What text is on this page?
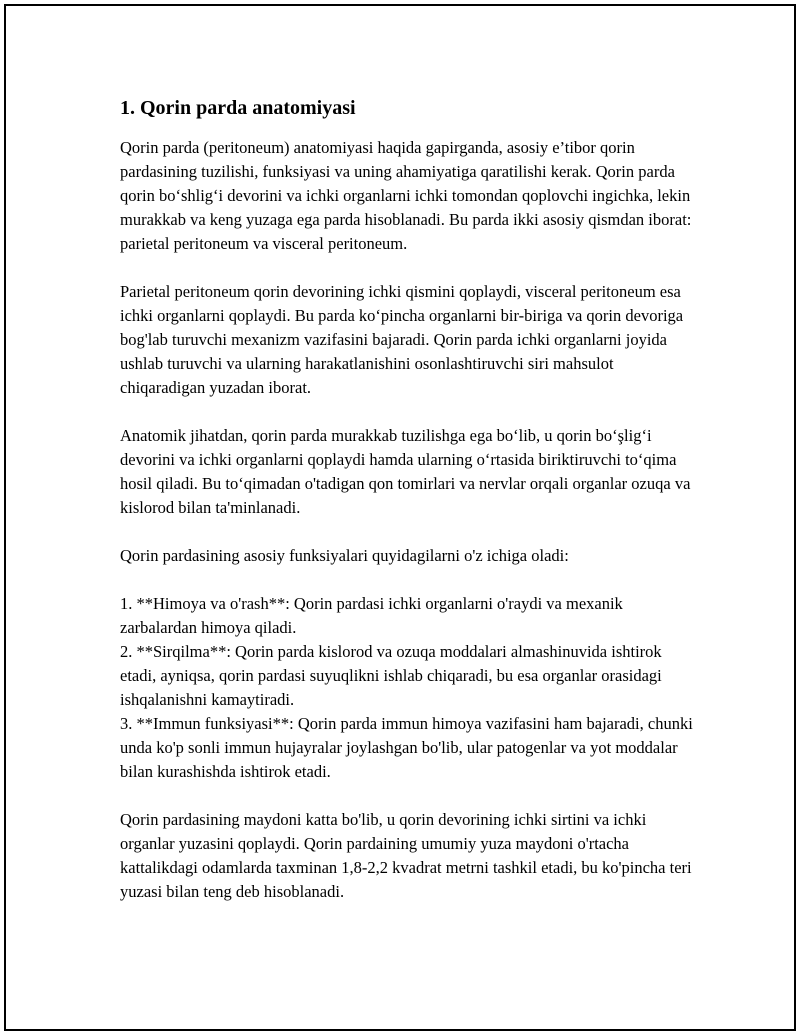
1. Qorin parda anatomiyasi

Qorin parda (peritoneum) anatomiyasi haqida gapirganda, asosiy e’tibor qorin pardasining tuzilishi, funksiyasi va uning ahamiyatiga qaratilishi kerak. Qorin parda qorin bo‘shlig‘i devorini va ichki organlarni ichki tomondan qoplovchi ingichka, lekin murakkab va keng yuzaga ega parda hisoblanadi. Bu parda ikki asosiy qismdan iborat: parietal peritoneum va visceral peritoneum.

Parietal peritoneum qorin devorining ichki qismini qoplaydi, visceral peritoneum esa ichki organlarni qoplaydi. Bu parda ko‘pincha organlarni bir-biriga va qorin devoriga bog'lab turuvchi mexanizm vazifasini bajaradi. Qorin parda ichki organlarni joyida ushlab turuvchi va ularning harakatlanishini osonlashtiruvchi siri mahsulot chiqaradigan yuzadan iborat.

Anatomik jihatdan, qorin parda murakkab tuzilishga ega bo‘lib, u qorin bo‘şlig‘i devorini va ichki organlarni qoplaydi hamda ularning o‘rtasida biriktiruvchi to‘qima hosil qiladi. Bu to‘qimadan o'tadigan qon tomirlari va nervlar orqali organlar ozuqa va kislorod bilan ta'minlanadi.

Qorin pardasining asosiy funksiyalari quyidagilarni o'z ichiga oladi:

1. **Himoya va o'rash**: Qorin pardasi ichki organlarni o'raydi va mexanik zarbalardan himoya qiladi.

2. **Sirqilma**: Qorin parda kislorod va ozuqa moddalari almashinuvida ishtirok etadi, ayniqsa, qorin pardasi suyuqlikni ishlab chiqaradi, bu esa organlar orasidagi ishqalanishni kamaytiradi.

3. **Immun funksiyasi**: Qorin parda immun himoya vazifasini ham bajaradi, chunki unda ko'p sonli immun hujayralar joylashgan bo'lib, ular patogenlar va yot moddalar bilan kurashishda ishtirok etadi.

Qorin pardasining maydoni katta bo'lib, u qorin devorining ichki sirtini va ichki organlar yuzasini qoplaydi. Qorin pardaining umumiy yuza maydoni o'rtacha kattalikdagi odamlarda taxminan 1,8-2,2 kvadrat metrni tashkil etadi, bu ko'pincha teri yuzasi bilan teng deb hisoblanadi.
